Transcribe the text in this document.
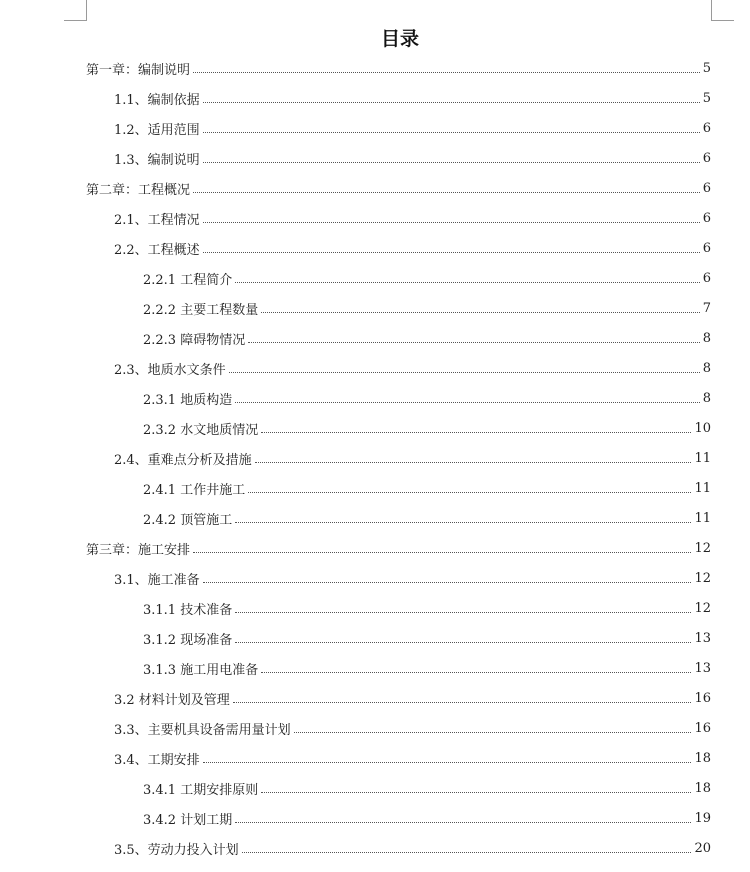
目录
第一章：编制说明	5
1.1、编制依据	5
1.2、适用范围	6
1.3、编制说明	6
第二章：工程概况	6
2.1、工程情况	6
2.2、工程概述	6
2.2.1 工程简介	6
2.2.2 主要工程数量	7
2.2.3 障碍物情况	8
2.3、地质水文条件	8
2.3.1 地质构造	8
2.3.2 水文地质情况	10
2.4、重难点分析及措施	11
2.4.1 工作井施工	11
2.4.2 顶管施工	11
第三章：施工安排	12
3.1、施工准备	12
3.1.1 技术准备	12
3.1.2 现场准备	13
3.1.3 施工用电准备	13
3.2 材料计划及管理	16
3.3、主要机具设备需用量计划	16
3.4、工期安排	18
3.4.1 工期安排原则	18
3.4.2 计划工期	19
3.5、劳动力投入计划	20
